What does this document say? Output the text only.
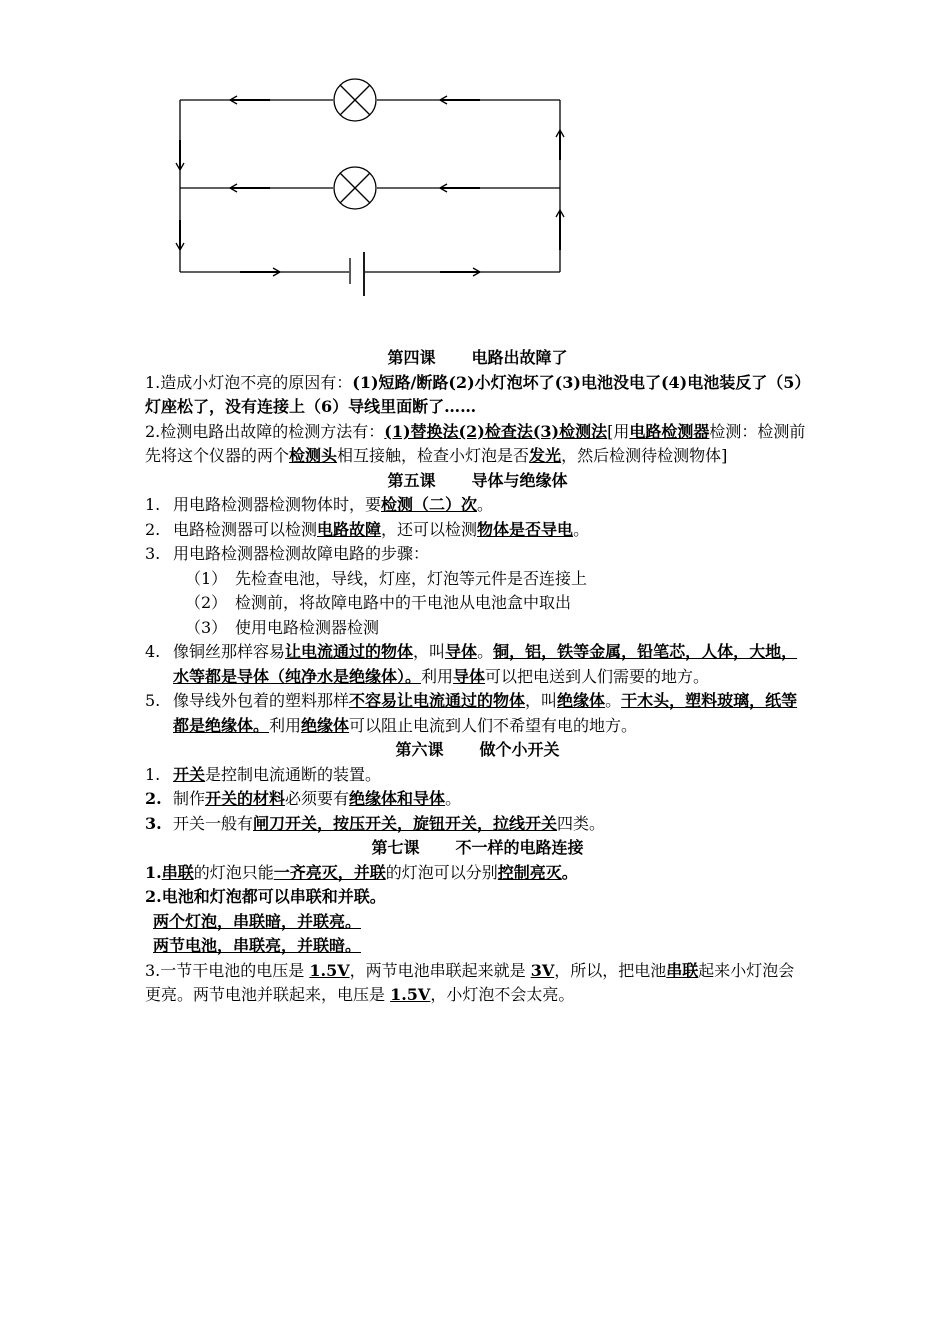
第四课 电路出故障了

1.造成小灯泡不亮的原因有：(1)短路/断路(2)小灯泡坏了(3)电池没电了(4)电池装反了（5）灯座松了，没有连接上（6）导线里面断了……

2.检测电路出故障的检测方法有：(1)替换法(2)检查法(3)检测法[用电路检测器检测：检测前先将这个仪器的两个检测头相互接触，检查小灯泡是否发光，然后检测待检测物体]

第五课 导体与绝缘体
1. 用电路检测器检测物体时，要检测（二）次。
2. 电路检测器可以检测电路故障，还可以检测物体是否导电。
3. 用电路检测器检测故障电路的步骤：
（1） 先检查电池，导线，灯座，灯泡等元件是否连接上
（2） 检测前，将故障电路中的干电池从电池盒中取出
（3） 使用电路检测器检测
4. 像铜丝那样容易让电流通过的物体，叫导体。铜，铝，铁等金属，铅笔芯，人体，大地，水等都是导体（纯净水是绝缘体）。利用导体可以把电送到人们需要的地方。
5. 像导线外包着的塑料那样不容易让电流通过的物体，叫绝缘体。干木头，塑料玻璃，纸等都是绝缘体。利用绝缘体可以阻止电流到人们不希望有电的地方。
第六课 做个小开关
1. 开关是控制电流通断的装置。
2. 制作开关的材料必须要有绝缘体和导体。
3. 开关一般有闸刀开关，按压开关，旋钮开关，拉线开关四类。
第七课 不一样的电路连接

1.串联的灯泡只能一齐亮灭，并联的灯泡可以分别控制亮灭。

2.电池和灯泡都可以串联和并联。

两个灯泡，串联暗，并联亮。

两节电池，串联亮，并联暗。

3.一节干电池的电压是 1.5V，两节电池串联起来就是 3V，所以，把电池串联起来小灯泡会更亮。两节电池并联起来，电压是 1.5V，小灯泡不会太亮。
